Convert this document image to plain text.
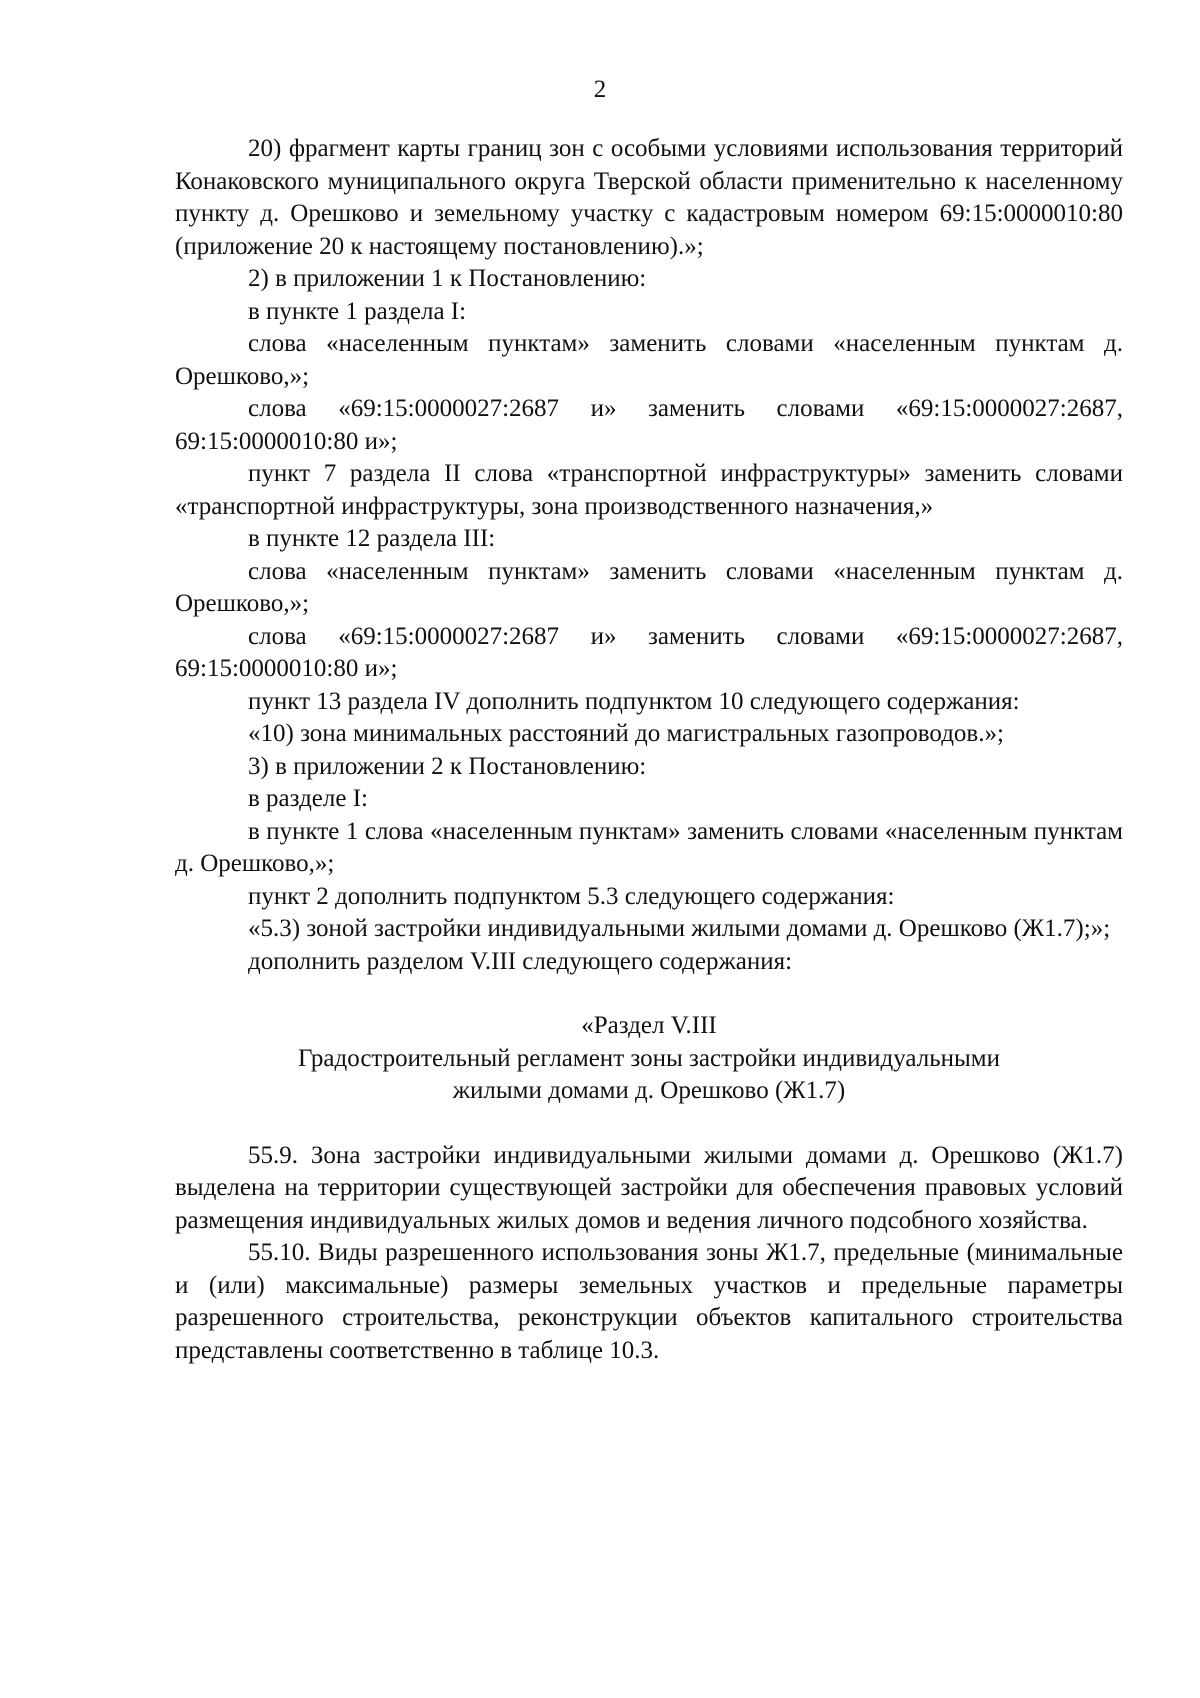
2

20) фрагмент карты границ зон с особыми условиями использования территорий Конаковского муниципального округа Тверской области применительно к населенному пункту д. Орешково и земельному участку с кадастровым номером 69:15:0000010:80 (приложение 20 к настоящему постановлению).»;

2) в приложении 1 к Постановлению:

в пункте 1 раздела I:

слова «населенным пунктам» заменить словами «населенным пунктам д. Орешково,»;

слова «69:15:0000027:2687 и» заменить словами «69:15:0000027:2687, 69:15:0000010:80 и»;

пункт 7 раздела II слова «транспортной инфраструктуры» заменить словами «транспортной инфраструктуры, зона производственного назначения,»

в пункте 12 раздела III:

слова «населенным пунктам» заменить словами «населенным пунктам д. Орешково,»;

слова «69:15:0000027:2687 и» заменить словами «69:15:0000027:2687, 69:15:0000010:80 и»;

пункт 13 раздела IV дополнить подпунктом 10 следующего содержания:

«10) зона минимальных расстояний до магистральных газопроводов.»;

3) в приложении 2 к Постановлению:

в разделе I:

в пункте 1 слова «населенным пунктам» заменить словами «населенным пунктам д. Орешково,»;

пункт 2 дополнить подпунктом 5.3 следующего содержания:

«5.3) зоной застройки индивидуальными жилыми домами д. Орешково (Ж1.7);»;

дополнить разделом V.III следующего содержания:

«Раздел V.III

Градостроительный регламент зоны застройки индивидуальными

жилыми домами д. Орешково (Ж1.7)

55.9. Зона застройки индивидуальными жилыми домами д. Орешково (Ж1.7) выделена на территории существующей застройки для обеспечения правовых условий размещения индивидуальных жилых домов и ведения личного подсобного хозяйства.

55.10. Виды разрешенного использования зоны Ж1.7, предельные (минимальные и (или) максимальные) размеры земельных участков и предельные параметры разрешенного строительства, реконструкции объектов капитального строительства представлены соответственно в таблице 10.3.
